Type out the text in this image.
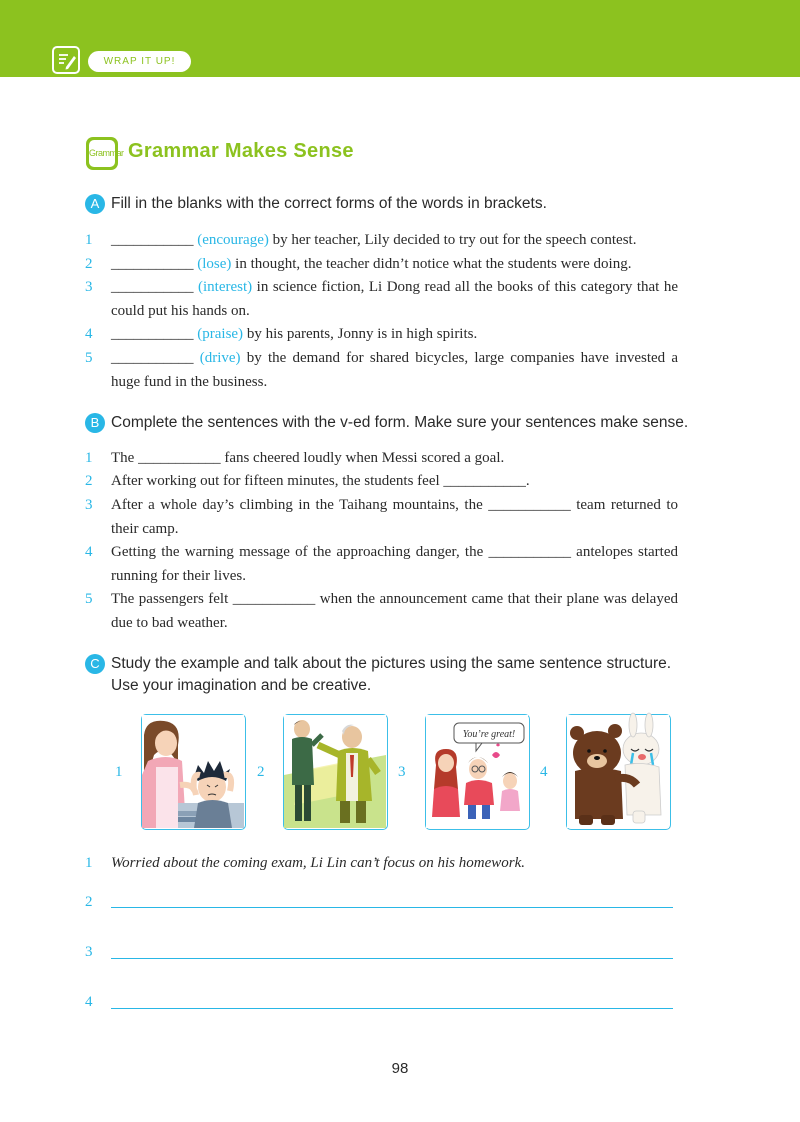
WRAP IT UP!
Grammar Grammar Makes Sense
A Fill in the blanks with the correct forms of the words in brackets.
1 ___________ (encourage) by her teacher, Lily decided to try out for the speech contest.
2 ___________ (lose) in thought, the teacher didn’t notice what the students were doing.
3 ___________ (interest) in science fiction, Li Dong read all the books of this category that he could put his hands on.
4 ___________ (praise) by his parents, Jonny is in high spirits.
5 ___________ (drive) by the demand for shared bicycles, large companies have invested a huge fund in the business.
B Complete the sentences with the v-ed form. Make sure your sentences make sense.
1 The ___________ fans cheered loudly when Messi scored a goal.
2 After working out for fifteen minutes, the students feel ___________.
3 After a whole day’s climbing in the Taihang mountains, the ___________ team returned to their camp.
4 Getting the warning message of the approaching danger, the ___________ antelopes started running for their lives.
5 The passengers felt ___________ when the announcement came that their plane was delayed due to bad weather.
C Study the example and talk about the pictures using the same sentence structure.
Use your imagination and be creative.
1	2	3	4
You’re great!
1 Worried about the coming exam, Li Lin can’t focus on his homework.
2
3
4
98
